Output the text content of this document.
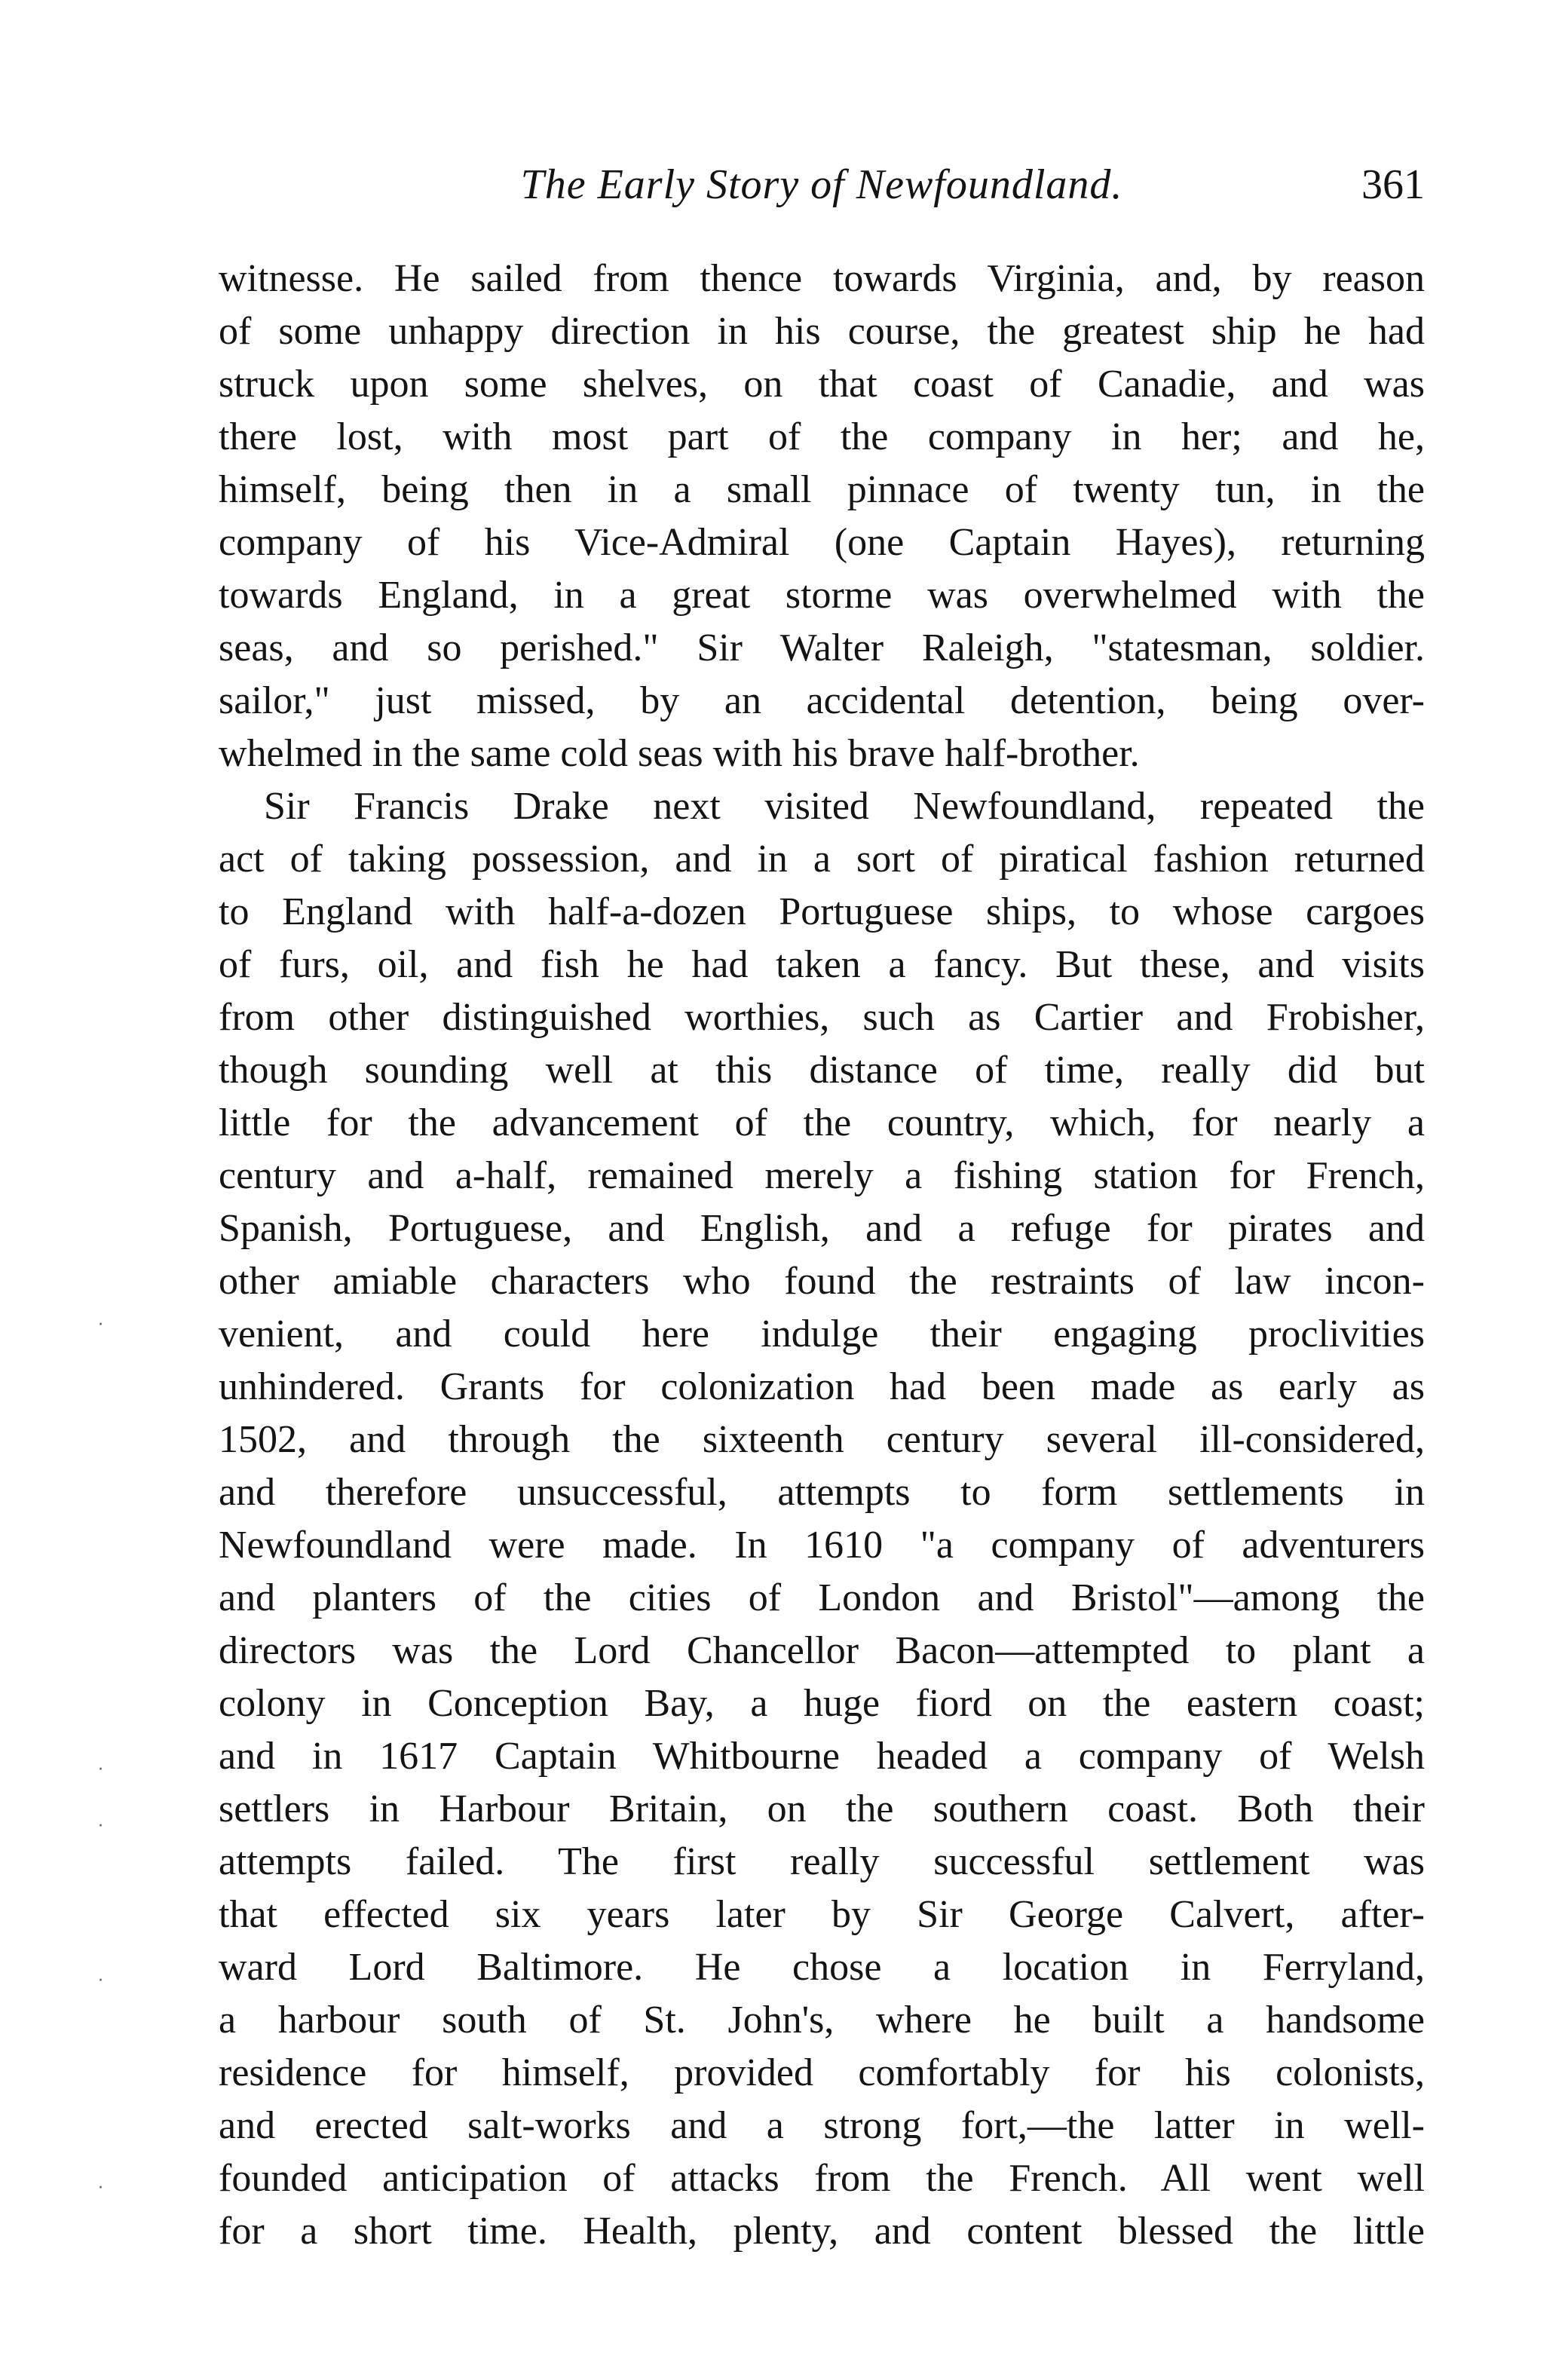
The Early Story of Newfoundland.	361
witnesse. He sailed from thence towards Virginia, and, by reason
of some unhappy direction in his course, the greatest ship he had
struck upon some shelves, on that coast of Canadie, and was
there lost, with most part of the company in her; and he,
himself, being then in a small pinnace of twenty tun, in the
company of his Vice-Admiral (one Captain Hayes), returning
towards England, in a great storme was overwhelmed with the
seas, and so perished." Sir Walter Raleigh, "statesman, soldier.
sailor," just missed, by an accidental detention, being over-
whelmed in the same cold seas with his brave half-brother.
Sir Francis Drake next visited Newfoundland, repeated the
act of taking possession, and in a sort of piratical fashion returned
to England with half-a-dozen Portuguese ships, to whose cargoes
of furs, oil, and fish he had taken a fancy. But these, and visits
from other distinguished worthies, such as Cartier and Frobisher,
though sounding well at this distance of time, really did but
little for the advancement of the country, which, for nearly a
century and a-half, remained merely a fishing station for French,
Spanish, Portuguese, and English, and a refuge for pirates and
other amiable characters who found the restraints of law incon-
venient, and could here indulge their engaging proclivities
unhindered. Grants for colonization had been made as early as
1502, and through the sixteenth century several ill-considered,
and therefore unsuccessful, attempts to form settlements in
Newfoundland were made. In 1610 "a company of adventurers
and planters of the cities of London and Bristol"—among the
directors was the Lord Chancellor Bacon—attempted to plant a
colony in Conception Bay, a huge fiord on the eastern coast;
and in 1617 Captain Whitbourne headed a company of Welsh
settlers in Harbour Britain, on the southern coast. Both their
attempts failed. The first really successful settlement was
that effected six years later by Sir George Calvert, after-
ward Lord Baltimore. He chose a location in Ferryland,
a harbour south of St. John's, where he built a handsome
residence for himself, provided comfortably for his colonists,
and erected salt-works and a strong fort,—the latter in well-
founded anticipation of attacks from the French. All went well
for a short time. Health, plenty, and content blessed the little
·
·
·
·
·
